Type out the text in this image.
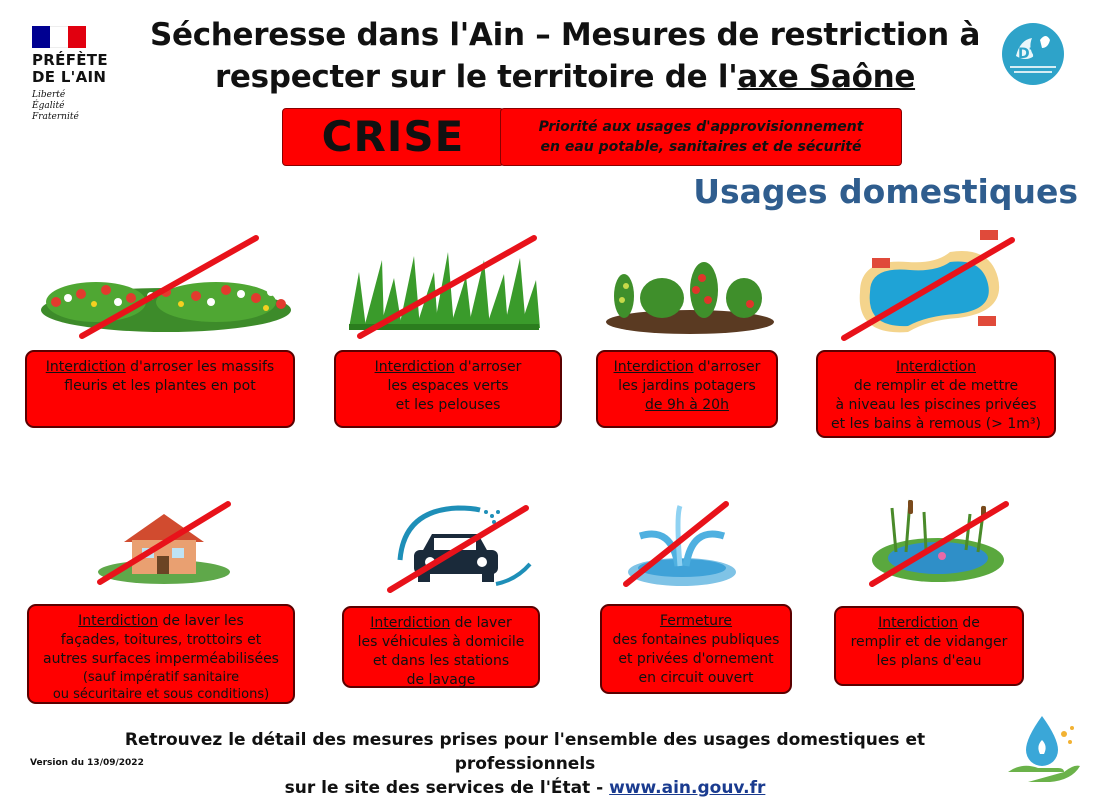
PRÉFÈTE
DE L'AIN
Liberté
Égalité
Fraternité
Sécheresse dans l'Ain – Mesures de restriction à
respecter sur le territoire de l'axe Saône
DT
CRISE	Priorité aux usages d'approvisionnement
en eau potable, sanitaires et de sécurité
Usages domestiques
Interdiction d'arroser les massifs
fleuris et les plantes en pot
Interdiction d'arroser
les espaces verts
et les pelouses
Interdiction d'arroser
les jardins potagers
de 9h à 20h
Interdiction
de remplir et de mettre
à niveau les piscines privées
et les bains à remous (> 1m³)
Interdiction de laver les
façades, toitures, trottoirs et
autres surfaces imperméabilisées
(sauf impératif sanitaire
ou sécuritaire et sous conditions)
Interdiction de laver
les véhicules à domicile
et dans les stations
de lavage
Fermeture
des fontaines publiques
et privées d'ornement
en circuit ouvert
Interdiction de
remplir et de vidanger
les plans d'eau
Retrouvez le détail des mesures prises pour l'ensemble des usages domestiques et professionnels
sur le site des services de l'État - www.ain.gouv.fr
Version du 13/09/2022
